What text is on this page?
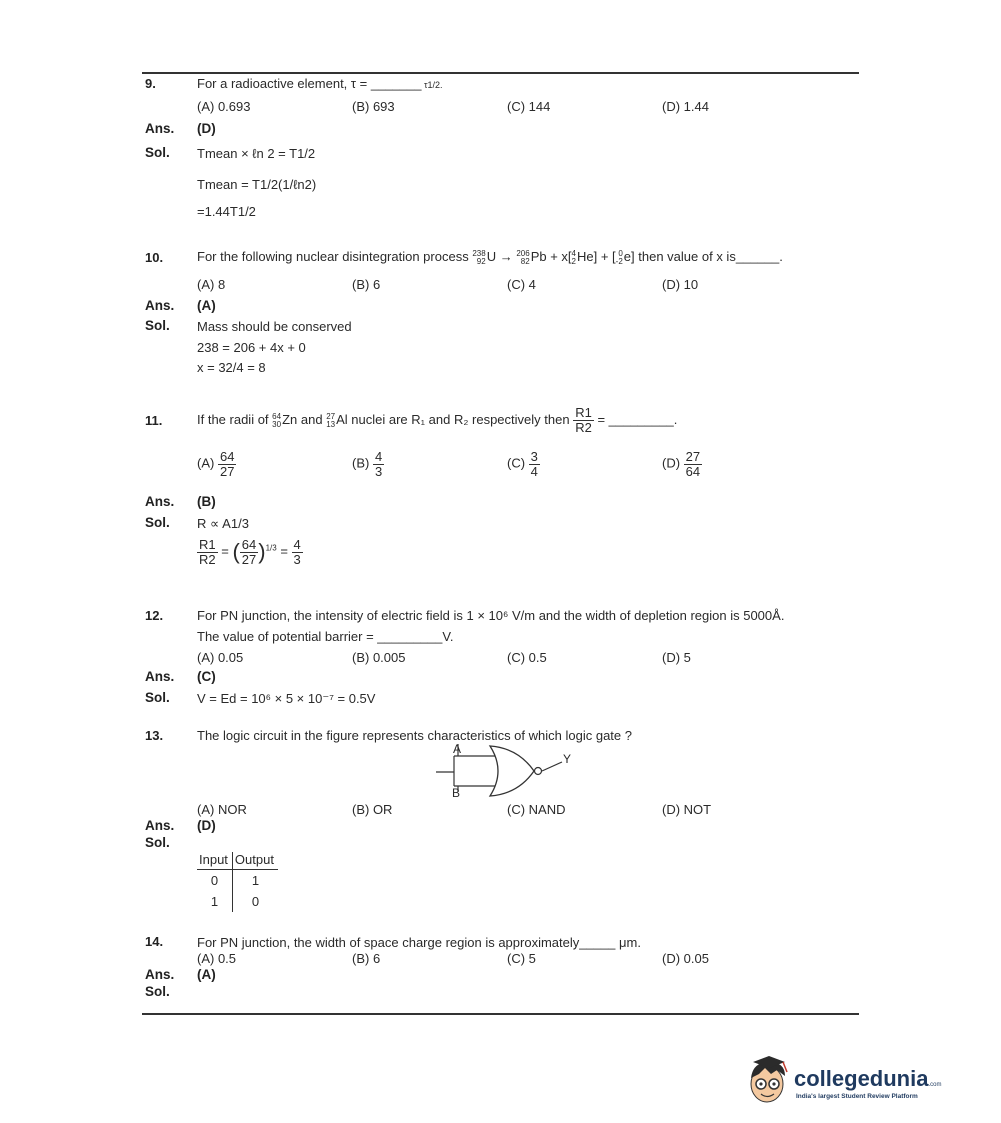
9.	For a radioactive element, τ = _______ τ1/2.
(A) 0.693	(B) 693	(C) 144	(D) 1.44
Ans. (D)
Sol. Tmean × ℓn 2 = T1/2
Tmean = T1/2(1/ℓn2)
=1.44T1/2
10.	For the following nuclear disintegration process 238
92 U → 206
82 Pb + x[ 4
2 He] + [ 0
-2 e] then value of x is______.
(A) 8	(B) 6	(C) 4	(D) 10
Ans. (A)
Sol. Mass should be conserved
238 = 206 + 4x + 0
x = 32/4 = 8
11.	If the radii of 64
30 Zn and 27
13 Al nuclei are R₁ and R₂ respectively then $\frac{R1}{R2}$ = _________.
$(A) \frac{64}{27}$	$(B) \frac{4}{3}$	$(C) \frac{3}{4}$	$(D) \frac{27}{64}$
Ans. (B)
Sol. R ∝ A1/3
$\frac{R1}{R2}$ = ( $\frac{64}{27} )^{1/3} = \frac{4}{3}$
12.	For PN junction, the intensity of electric field is 1 × 10⁶ V/m and the width of depletion region is 5000Å.
The value of potential barrier = _________V.
(A) 0.05	(B) 0.005	(C) 0.5	(D) 5
Ans. (C)
Sol. V = Ed = 10⁶ × 5 × 10⁻⁷ = 0.5V
13.	The logic circuit in the figure represents characteristics of which logic gate ?
A
Y
B
(A) NOR	(B) OR	(C) NAND	(D) NOT
Ans. (D)
Sol.
Input	Output
0	1
1	0
14.	For PN junction, the width of space charge region is approximately_____ μm.
(A) 0.5	(B) 6	(C) 5	(D) 0.05
Ans. (A)
Sol.
collegedunia.com
India's largest Student Review Platform
